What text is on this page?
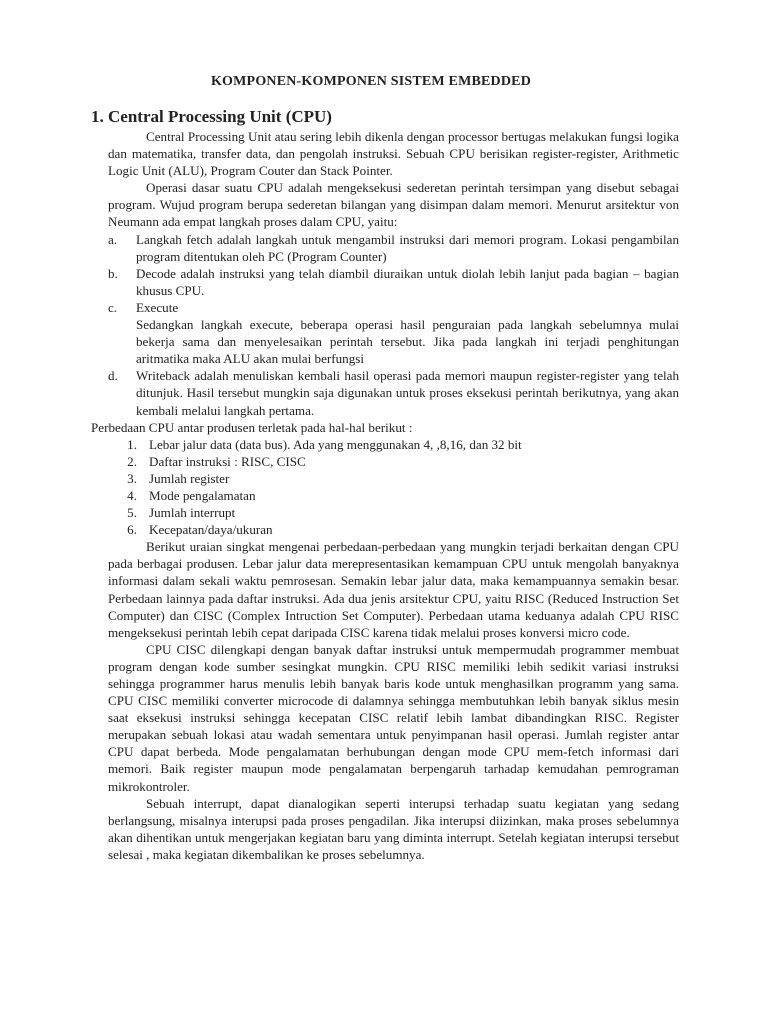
KOMPONEN-KOMPONEN SISTEM EMBEDDED
1. Central Processing Unit (CPU)

Central Processing Unit atau sering lebih dikenla dengan processor bertugas melakukan fungsi logika dan matematika, transfer data, dan pengolah instruksi. Sebuah CPU berisikan register-register, Arithmetic Logic Unit (ALU), Program Couter dan Stack Pointer.

Operasi dasar suatu CPU adalah mengeksekusi sederetan perintah tersimpan yang disebut sebagai program. Wujud program berupa sederetan bilangan yang disimpan dalam memori. Menurut arsitektur von Neumann ada empat langkah proses dalam CPU, yaitu:

a.	Langkah fetch adalah langkah untuk mengambil instruksi dari memori program. Lokasi pengambilan program ditentukan oleh PC (Program Counter)
b.	Decode adalah instruksi yang telah diambil diuraikan untuk diolah lebih lanjut pada bagian – bagian khusus CPU.
c.	Execute
Sedangkan langkah execute, beberapa operasi hasil penguraian pada langkah sebelumnya mulai bekerja sama dan menyelesaikan perintah tersebut. Jika pada langkah ini terjadi penghitungan aritmatika maka ALU akan mulai berfungsi
d.	Writeback adalah menuliskan kembali hasil operasi pada memori maupun register-register yang telah ditunjuk. Hasil tersebut mungkin saja digunakan untuk proses eksekusi perintah berikutnya, yang akan kembali melalui langkah pertama.

Perbedaan CPU antar produsen terletak pada hal-hal berikut :

1. Lebar jalur data (data bus). Ada yang menggunakan 4, ,8,16, dan 32 bit
2. Daftar instruksi : RISC, CISC
3. Jumlah register
4. Mode pengalamatan
5. Jumlah interrupt
6. Kecepatan/daya/ukuran

Berikut uraian singkat mengenai perbedaan-perbedaan yang mungkin terjadi berkaitan dengan CPU pada berbagai produsen. Lebar jalur data merepresentasikan kemampuan CPU untuk mengolah banyaknya informasi dalam sekali waktu pemrosesan. Semakin lebar jalur data, maka kemampuannya semakin besar. Perbedaan lainnya pada daftar instruksi. Ada dua jenis arsitektur CPU, yaitu RISC (Reduced Instruction Set Computer) dan CISC (Complex Intruction Set Computer). Perbedaan utama keduanya adalah CPU RISC mengeksekusi perintah lebih cepat daripada CISC karena tidak melalui proses konversi micro code.

CPU CISC dilengkapi dengan banyak daftar instruksi untuk mempermudah programmer membuat program dengan kode sumber sesingkat mungkin. CPU RISC memiliki lebih sedikit variasi instruksi sehingga programmer harus menulis lebih banyak baris kode untuk menghasilkan programm yang sama. CPU CISC memiliki converter microcode di dalamnya sehingga membutuhkan lebih banyak siklus mesin saat eksekusi instruksi sehingga kecepatan CISC relatif lebih lambat dibandingkan RISC. Register merupakan sebuah lokasi atau wadah sementara untuk penyimpanan hasil operasi. Jumlah register antar CPU dapat berbeda. Mode pengalamatan berhubungan dengan mode CPU mem-fetch informasi dari memori. Baik register maupun mode pengalamatan berpengaruh tarhadap kemudahan pemrograman mikrokontroler.

Sebuah interrupt, dapat dianalogikan seperti interupsi terhadap suatu kegiatan yang sedang berlangsung, misalnya interupsi pada proses pengadilan. Jika interupsi diizinkan, maka proses sebelumnya akan dihentikan untuk mengerjakan kegiatan baru yang diminta interrupt. Setelah kegiatan interupsi tersebut selesai , maka kegiatan dikembalikan ke proses sebelumnya.
